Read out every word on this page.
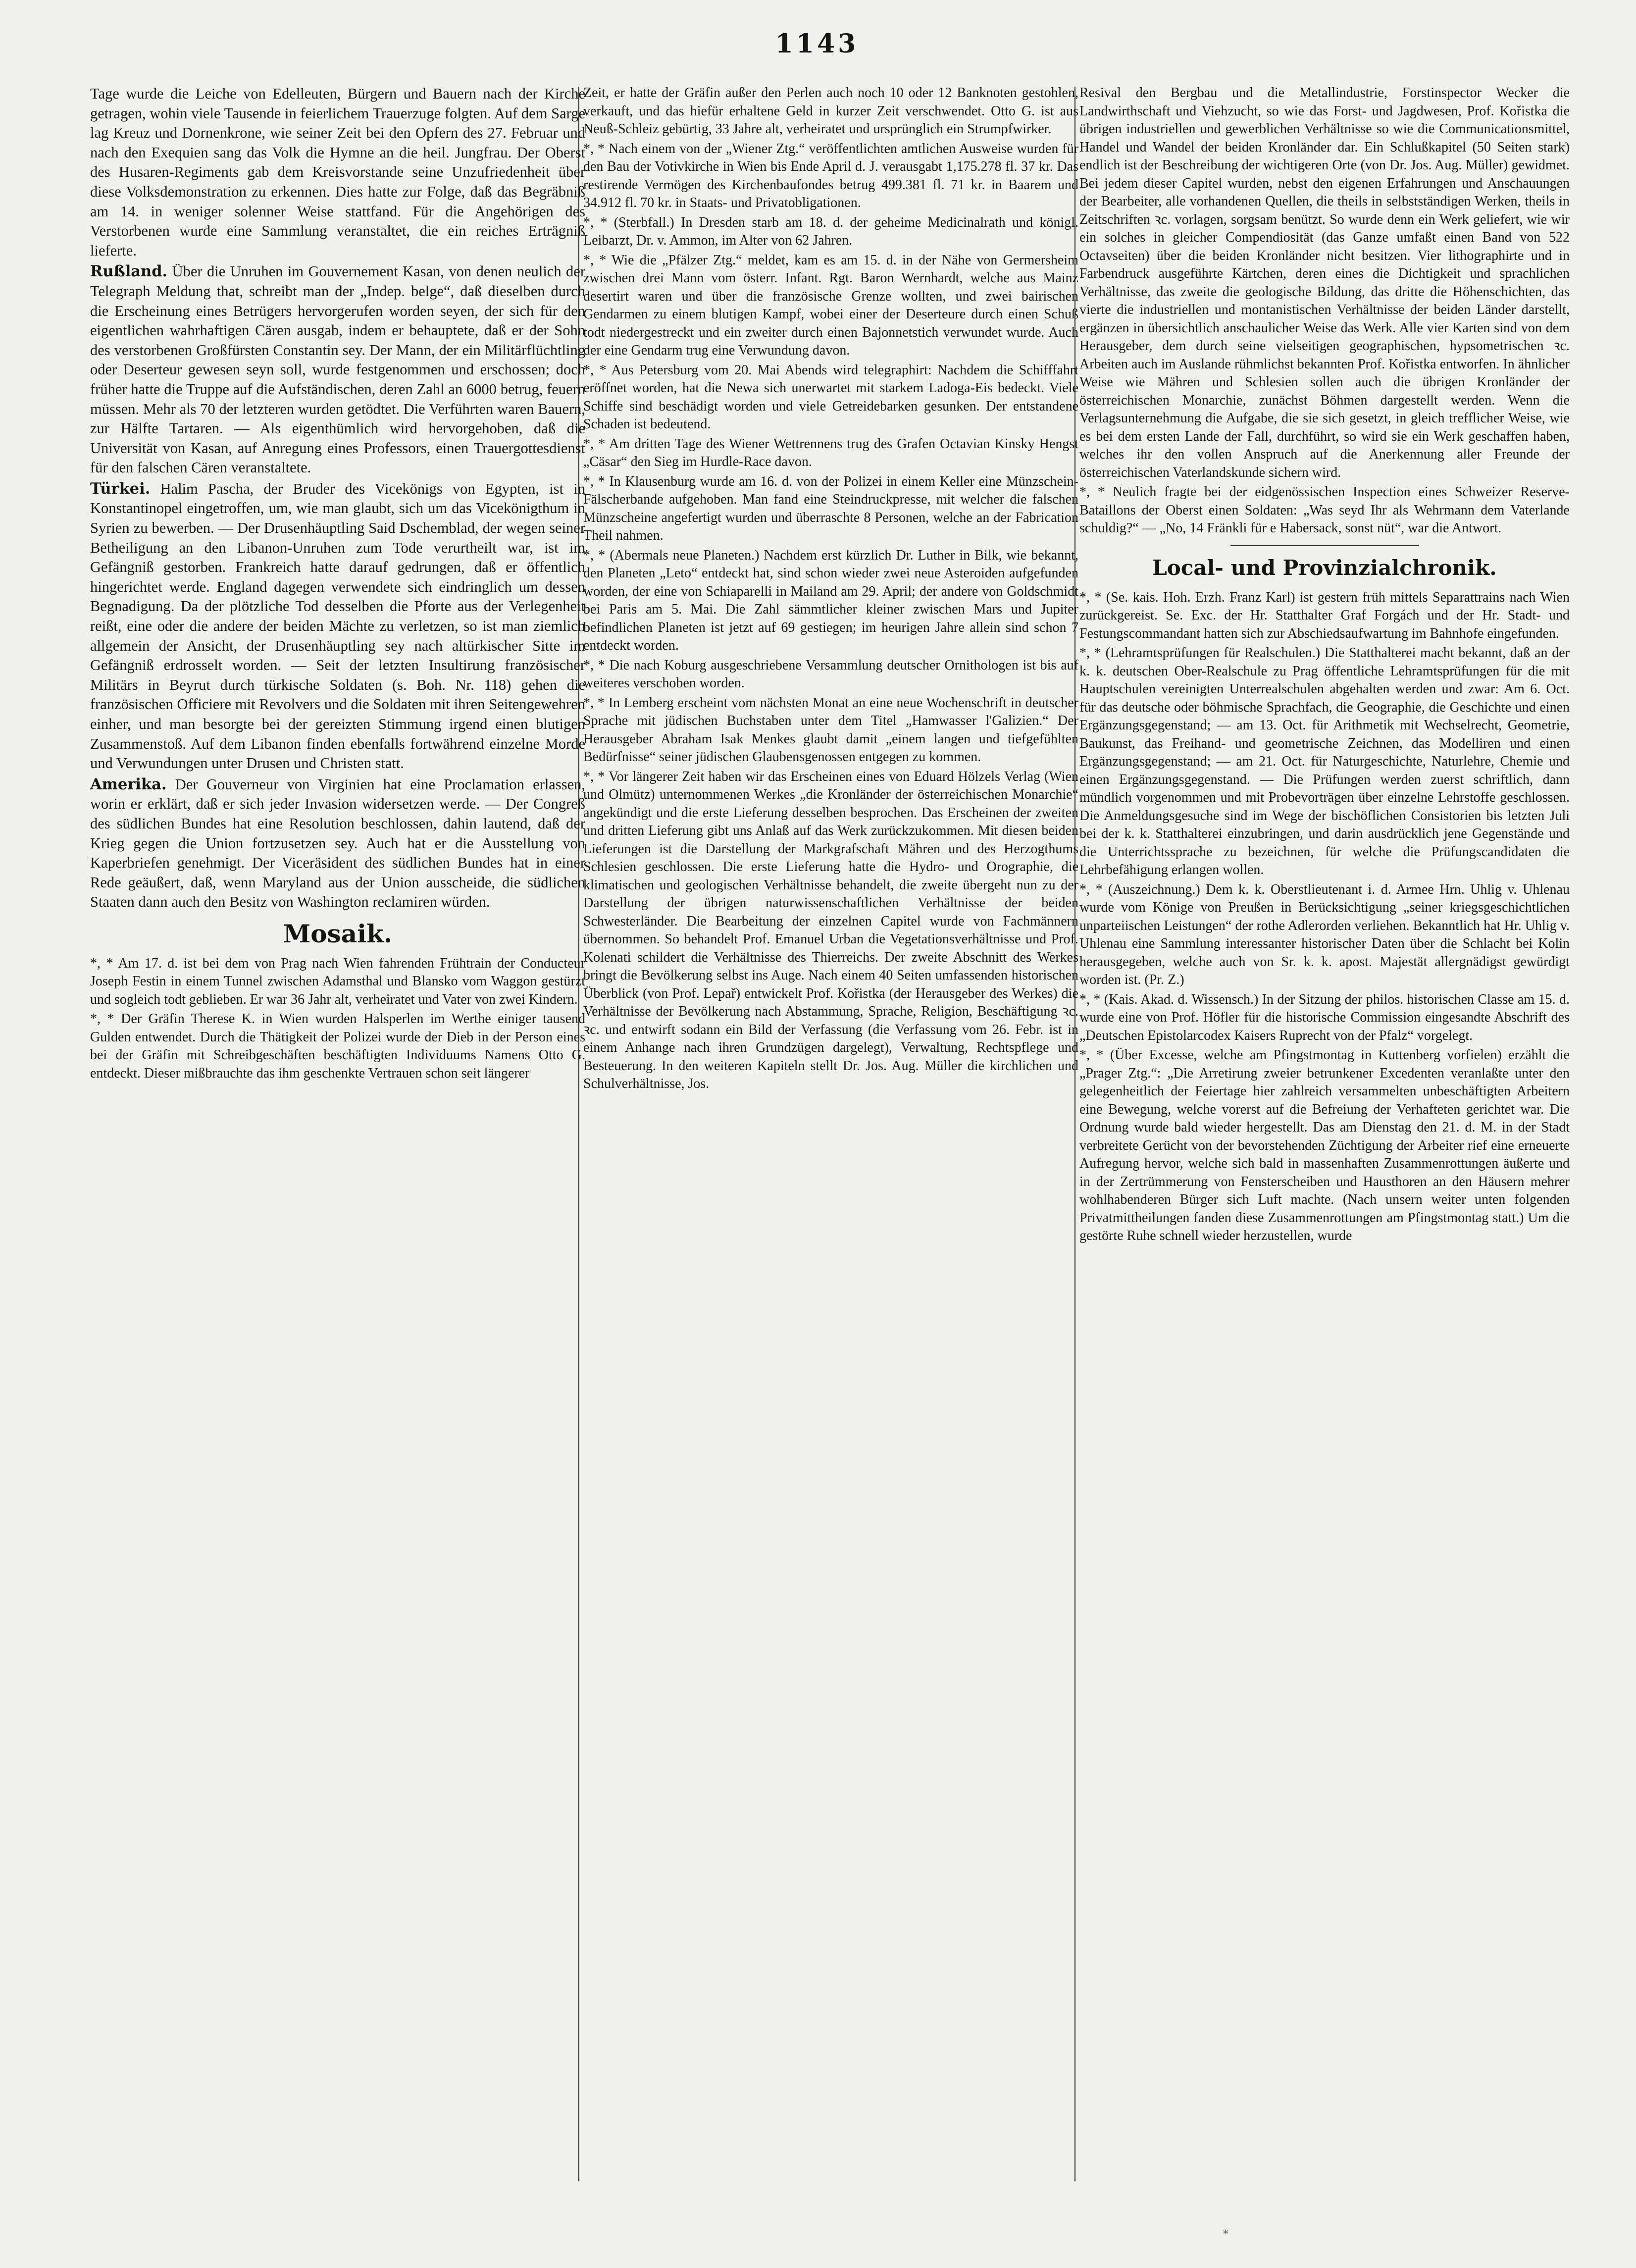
1143

Tage wurde die Leiche von Edelleuten, Bürgern und Bauern nach der Kirche getragen, wohin viele Tausende in feierlichem Trauerzuge folgten. Auf dem Sarge lag Kreuz und Dornenkrone, wie seiner Zeit bei den Opfern des 27. Februar und nach den Exequien sang das Volk die Hymne an die heil. Jungfrau. Der Oberst des Husaren-Regiments gab dem Kreisvorstande seine Unzufriedenheit über diese Volksdemonstration zu erkennen. Dies hatte zur Folge, daß das Begräbniß am 14. in weniger solenner Weise stattfand. Für die Angehörigen des Verstorbenen wurde eine Sammlung veranstaltet, die ein reiches Erträgniß lieferte.

Rußland. Über die Unruhen im Gouvernement Kasan, von denen neulich der Telegraph Meldung that, schreibt man der „Indep. belge“, daß dieselben durch die Erscheinung eines Betrügers hervorgerufen worden seyen, der sich für den eigentlichen wahrhaftigen Cären ausgab, indem er behauptete, daß er der Sohn des verstorbenen Großfürsten Constantin sey. Der Mann, der ein Militärflüchtling oder Deserteur gewesen seyn soll, wurde festgenommen und erschossen; doch früher hatte die Truppe auf die Aufständischen, deren Zahl an 6000 betrug, feuern müssen. Mehr als 70 der letzteren wurden getödtet. Die Verführten waren Bauern, zur Hälfte Tartaren. — Als eigenthümlich wird hervorgehoben, daß die Universität von Kasan, auf Anregung eines Professors, einen Trauergottesdienst für den falschen Cären veranstaltete.

Türkei. Halim Pascha, der Bruder des Vicekönigs von Egypten, ist in Konstantinopel eingetroffen, um, wie man glaubt, sich um das Vicekönigthum in Syrien zu bewerben. — Der Drusenhäuptling Said Dschemblad, der wegen seiner Betheiligung an den Libanon-Unruhen zum Tode verurtheilt war, ist im Gefängniß gestorben. Frankreich hatte darauf gedrungen, daß er öffentlich hingerichtet werde. England dagegen verwendete sich eindringlich um dessen Begnadigung. Da der plötzliche Tod desselben die Pforte aus der Verlegenheit reißt, eine oder die andere der beiden Mächte zu verletzen, so ist man ziemlich allgemein der Ansicht, der Drusenhäuptling sey nach altürkischer Sitte im Gefängniß erdrosselt worden. — Seit der letzten Insultirung französischer Militärs in Beyrut durch türkische Soldaten (s. Boh. Nr. 118) gehen die französischen Officiere mit Revolvers und die Soldaten mit ihren Seitengewehren einher, und man besorgte bei der gereizten Stimmung irgend einen blutigen Zusammenstoß. Auf dem Libanon finden ebenfalls fortwährend einzelne Morde und Verwundungen unter Drusen und Christen statt.

Amerika. Der Gouverneur von Virginien hat eine Proclamation erlassen, worin er erklärt, daß er sich jeder Invasion widersetzen werde. — Der Congreß des südlichen Bundes hat eine Resolution beschlossen, dahin lautend, daß der Krieg gegen die Union fortzusetzen sey. Auch hat er die Ausstellung von Kaperbriefen genehmigt. Der Viceräsident des südlichen Bundes hat in einer Rede geäußert, daß, wenn Maryland aus der Union ausscheide, die südlichen Staaten dann auch den Besitz von Washington reclamiren würden.

Mosaik.

*, * Am 17. d. ist bei dem von Prag nach Wien fahrenden Frühtrain der Conducteur Joseph Festin in einem Tunnel zwischen Adamsthal und Blansko vom Waggon gestürzt und sogleich todt geblieben. Er war 36 Jahr alt, verheiratet und Vater von zwei Kindern.

*, * Der Gräfin Therese K. in Wien wurden Halsperlen im Werthe einiger tausend Gulden entwendet. Durch die Thätigkeit der Polizei wurde der Dieb in der Person eines bei der Gräfin mit Schreibgeschäften beschäftigten Individuums Namens Otto G. entdeckt. Dieser mißbrauchte das ihm geschenkte Vertrauen schon seit längerer

Zeit, er hatte der Gräfin außer den Perlen auch noch 10 oder 12 Banknoten gestohlen, verkauft, und das hiefür erhaltene Geld in kurzer Zeit verschwendet. Otto G. ist aus Neuß-Schleiz gebürtig, 33 Jahre alt, verheiratet und ursprünglich ein Strumpfwirker.

*, * Nach einem von der „Wiener Ztg.“ veröffentlichten amtlichen Ausweise wurden für den Bau der Votivkirche in Wien bis Ende April d. J. verausgabt 1,175.278 fl. 37 kr. Das restirende Vermögen des Kirchenbaufondes betrug 499.381 fl. 71 kr. in Baarem und 34.912 fl. 70 kr. in Staats- und Privatobligationen.

*, * (Sterbfall.) In Dresden starb am 18. d. der geheime Medicinalrath und königl. Leibarzt, Dr. v. Ammon, im Alter von 62 Jahren.

*, * Wie die „Pfälzer Ztg.“ meldet, kam es am 15. d. in der Nähe von Germersheim zwischen drei Mann vom österr. Infant. Rgt. Baron Wernhardt, welche aus Mainz desertirt waren und über die französische Grenze wollten, und zwei bairischen Gendarmen zu einem blutigen Kampf, wobei einer der Deserteure durch einen Schuß todt niedergestreckt und ein zweiter durch einen Bajonnetstich verwundet wurde. Auch der eine Gendarm trug eine Verwundung davon.

*, * Aus Petersburg vom 20. Mai Abends wird telegraphirt: Nachdem die Schifffahrt eröffnet worden, hat die Newa sich unerwartet mit starkem Ladoga-Eis bedeckt. Viele Schiffe sind beschädigt worden und viele Getreidebarken gesunken. Der entstandene Schaden ist bedeutend.

*, * Am dritten Tage des Wiener Wettrennens trug des Grafen Octavian Kinsky Hengst „Cäsar“ den Sieg im Hurdle-Race davon.

*, * In Klausenburg wurde am 16. d. von der Polizei in einem Keller eine Münzschein-Fälscherbande aufgehoben. Man fand eine Steindruckpresse, mit welcher die falschen Münzscheine angefertigt wurden und überraschte 8 Personen, welche an der Fabrication Theil nahmen.

*, * (Abermals neue Planeten.) Nachdem erst kürzlich Dr. Luther in Bilk, wie bekannt, den Planeten „Leto“ entdeckt hat, sind schon wieder zwei neue Asteroiden aufgefunden worden, der eine von Schiaparelli in Mailand am 29. April; der andere von Goldschmidt bei Paris am 5. Mai. Die Zahl sämmtlicher kleiner zwischen Mars und Jupiter befindlichen Planeten ist jetzt auf 69 gestiegen; im heurigen Jahre allein sind schon 7 entdeckt worden.

*, * Die nach Koburg ausgeschriebene Versammlung deutscher Ornithologen ist bis auf weiteres verschoben worden.

*, * In Lemberg erscheint vom nächsten Monat an eine neue Wochenschrift in deutscher Sprache mit jüdischen Buchstaben unter dem Titel „Hamwasser l'Galizien.“ Der Herausgeber Abraham Isak Menkes glaubt damit „einem langen und tiefgefühlten Bedürfnisse“ seiner jüdischen Glaubensgenossen entgegen zu kommen.

*, * Vor längerer Zeit haben wir das Erscheinen eines von Eduard Hölzels Verlag (Wien und Olmütz) unternommenen Werkes „die Kronländer der österreichischen Monarchie“ angekündigt und die erste Lieferung desselben besprochen. Das Erscheinen der zweiten und dritten Lieferung gibt uns Anlaß auf das Werk zurückzukommen. Mit diesen beiden Lieferungen ist die Darstellung der Markgrafschaft Mähren und des Herzogthums Schlesien geschlossen. Die erste Lieferung hatte die Hydro- und Orographie, die klimatischen und geologischen Verhältnisse behandelt, die zweite übergeht nun zu der Darstellung der übrigen naturwissenschaftlichen Verhältnisse der beiden Schwesterländer. Die Bearbeitung der einzelnen Capitel wurde von Fachmännern übernommen. So behandelt Prof. Emanuel Urban die Vegetationsverhältnisse und Prof. Kolenati schildert die Verhältnisse des Thierreichs. Der zweite Abschnitt des Werkes bringt die Bevölkerung selbst ins Auge. Nach einem 40 Seiten umfassenden historischen Überblick (von Prof. Lepař) entwickelt Prof. Kořistka (der Herausgeber des Werkes) die Verhältnisse der Bevölkerung nach Abstammung, Sprache, Religion, Beschäftigung ꝛc. ꝛc. und entwirft sodann ein Bild der Verfassung (die Verfassung vom 26. Febr. ist in einem Anhange nach ihren Grundzügen dargelegt), Verwaltung, Rechtspflege und Besteuerung. In den weiteren Kapiteln stellt Dr. Jos. Aug. Müller die kirchlichen und Schulverhältnisse, Jos.

Resival den Bergbau und die Metallindustrie, Forstinspector Wecker die Landwirthschaft und Viehzucht, so wie das Forst- und Jagdwesen, Prof. Kořistka die übrigen industriellen und gewerblichen Verhältnisse so wie die Communicationsmittel, Handel und Wandel der beiden Kronländer dar. Ein Schlußkapitel (50 Seiten stark) endlich ist der Beschreibung der wichtigeren Orte (von Dr. Jos. Aug. Müller) gewidmet. Bei jedem dieser Capitel wurden, nebst den eigenen Erfahrungen und Anschauungen der Bearbeiter, alle vorhandenen Quellen, die theils in selbstständigen Werken, theils in Zeitschriften ꝛc. vorlagen, sorgsam benützt. So wurde denn ein Werk geliefert, wie wir ein solches in gleicher Compendiosität (das Ganze umfaßt einen Band von 522 Octavseiten) über die beiden Kronländer nicht besitzen. Vier lithographirte und in Farbendruck ausgeführte Kärtchen, deren eines die Dichtigkeit und sprachlichen Verhältnisse, das zweite die geologische Bildung, das dritte die Höhenschichten, das vierte die industriellen und montanistischen Verhältnisse der beiden Länder darstellt, ergänzen in übersichtlich anschaulicher Weise das Werk. Alle vier Karten sind von dem Herausgeber, dem durch seine vielseitigen geographischen, hypsometrischen ꝛc. Arbeiten auch im Auslande rühmlichst bekannten Prof. Kořistka entworfen. In ähnlicher Weise wie Mähren und Schlesien sollen auch die übrigen Kronländer der österreichischen Monarchie, zunächst Böhmen dargestellt werden. Wenn die Verlagsunternehmung die Aufgabe, die sie sich gesetzt, in gleich trefflicher Weise, wie es bei dem ersten Lande der Fall, durchführt, so wird sie ein Werk geschaffen haben, welches ihr den vollen Anspruch auf die Anerkennung aller Freunde der österreichischen Vaterlandskunde sichern wird.

*, * Neulich fragte bei der eidgenössischen Inspection eines Schweizer Reserve-Bataillons der Oberst einen Soldaten: „Was seyd Ihr als Wehrmann dem Vaterlande schuldig?“ — „No, 14 Fränkli für e Habersack, sonst nüt“, war die Antwort.

Local- und Provinzialchronik.

*, * (Se. kais. Hoh. Erzh. Franz Karl) ist gestern früh mittels Separattrains nach Wien zurückgereist. Se. Exc. der Hr. Statthalter Graf Forgách und der Hr. Stadt- und Festungscommandant hatten sich zur Abschiedsaufwartung im Bahnhofe eingefunden.

*, * (Lehramtsprüfungen für Realschulen.) Die Statthalterei macht bekannt, daß an der k. k. deutschen Ober-Realschule zu Prag öffentliche Lehramtsprüfungen für die mit Hauptschulen vereinigten Unterrealschulen abgehalten werden und zwar: Am 6. Oct. für das deutsche oder böhmische Sprachfach, die Geographie, die Geschichte und einen Ergänzungsgegenstand; — am 13. Oct. für Arithmetik mit Wechselrecht, Geometrie, Baukunst, das Freihand- und geometrische Zeichnen, das Modelliren und einen Ergänzungsgegenstand; — am 21. Oct. für Naturgeschichte, Naturlehre, Chemie und einen Ergänzungsgegenstand. — Die Prüfungen werden zuerst schriftlich, dann mündlich vorgenommen und mit Probevorträgen über einzelne Lehrstoffe geschlossen. Die Anmeldungsgesuche sind im Wege der bischöflichen Consistorien bis letzten Juli bei der k. k. Statthalterei einzubringen, und darin ausdrücklich jene Gegenstände und die Unterrichtssprache zu bezeichnen, für welche die Prüfungscandidaten die Lehrbefähigung erlangen wollen.

*, * (Auszeichnung.) Dem k. k. Oberstlieutenant i. d. Armee Hrn. Uhlig v. Uhlenau wurde vom Könige von Preußen in Berücksichtigung „seiner kriegsgeschichtlichen unparteiischen Leistungen“ der rothe Adlerorden verliehen. Bekanntlich hat Hr. Uhlig v. Uhlenau eine Sammlung interessanter historischer Daten über die Schlacht bei Kolin herausgegeben, welche auch von Sr. k. k. apost. Majestät allergnädigst gewürdigt worden ist. (Pr. Z.)

*, * (Kais. Akad. d. Wissensch.) In der Sitzung der philos. historischen Classe am 15. d. wurde eine von Prof. Höfler für die historische Commission eingesandte Abschrift des „Deutschen Epistolarcodex Kaisers Ruprecht von der Pfalz“ vorgelegt.

*, * (Über Excesse, welche am Pfingstmontag in Kuttenberg vorfielen) erzählt die „Prager Ztg.“: „Die Arretirung zweier betrunkener Excedenten veranlaßte unter den gelegenheitlich der Feiertage hier zahlreich versammelten unbeschäftigten Arbeitern eine Bewegung, welche vorerst auf die Befreiung der Verhafteten gerichtet war. Die Ordnung wurde bald wieder hergestellt. Das am Dienstag den 21. d. M. in der Stadt verbreitete Gerücht von der bevorstehenden Züchtigung der Arbeiter rief eine erneuerte Aufregung hervor, welche sich bald in massenhaften Zusammenrottungen äußerte und in der Zertrümmerung von Fensterscheiben und Hausthoren an den Häusern mehrer wohlhabenderen Bürger sich Luft machte. (Nach unsern weiter unten folgenden Privatmittheilungen fanden diese Zusammenrottungen am Pfingstmontag statt.) Um die gestörte Ruhe schnell wieder herzustellen, wurde

*
